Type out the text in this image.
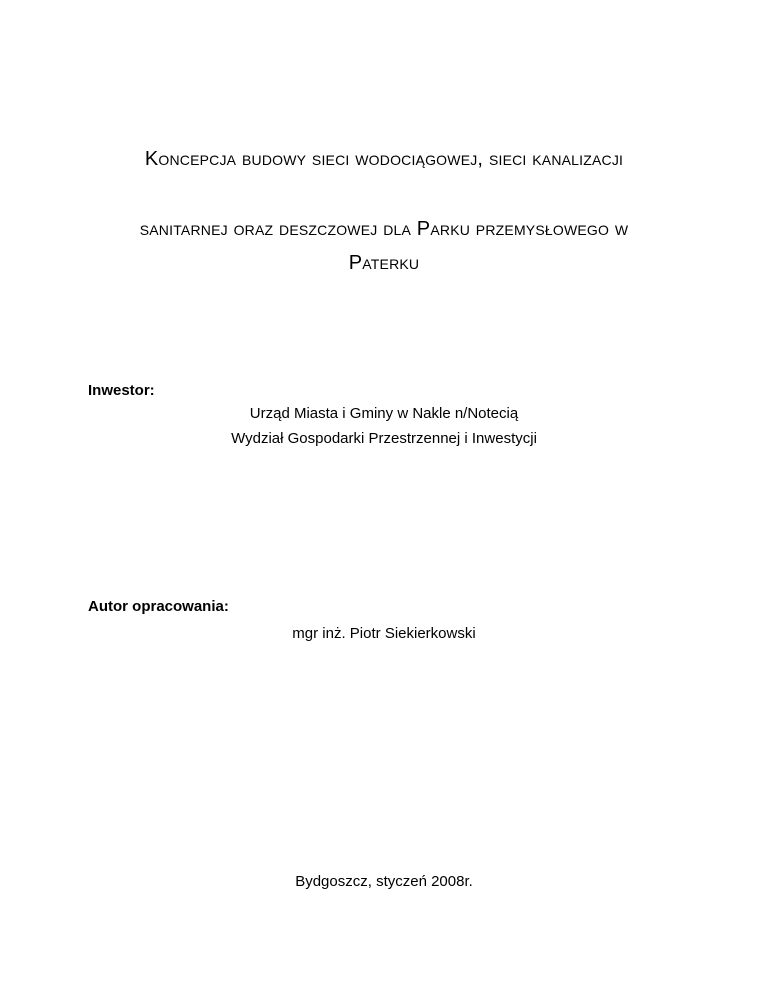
Koncepcja budowy sieci wodociągowej, sieci kanalizacji
sanitarnej oraz deszczowej dla Parku przemysłowego w
Paterku
Inwestor:
Urząd Miasta i Gminy w Nakle n/Notecią
Wydział Gospodarki Przestrzennej i Inwestycji
Autor opracowania:
mgr inż. Piotr Siekierkowski
Bydgoszcz, styczeń 2008r.
